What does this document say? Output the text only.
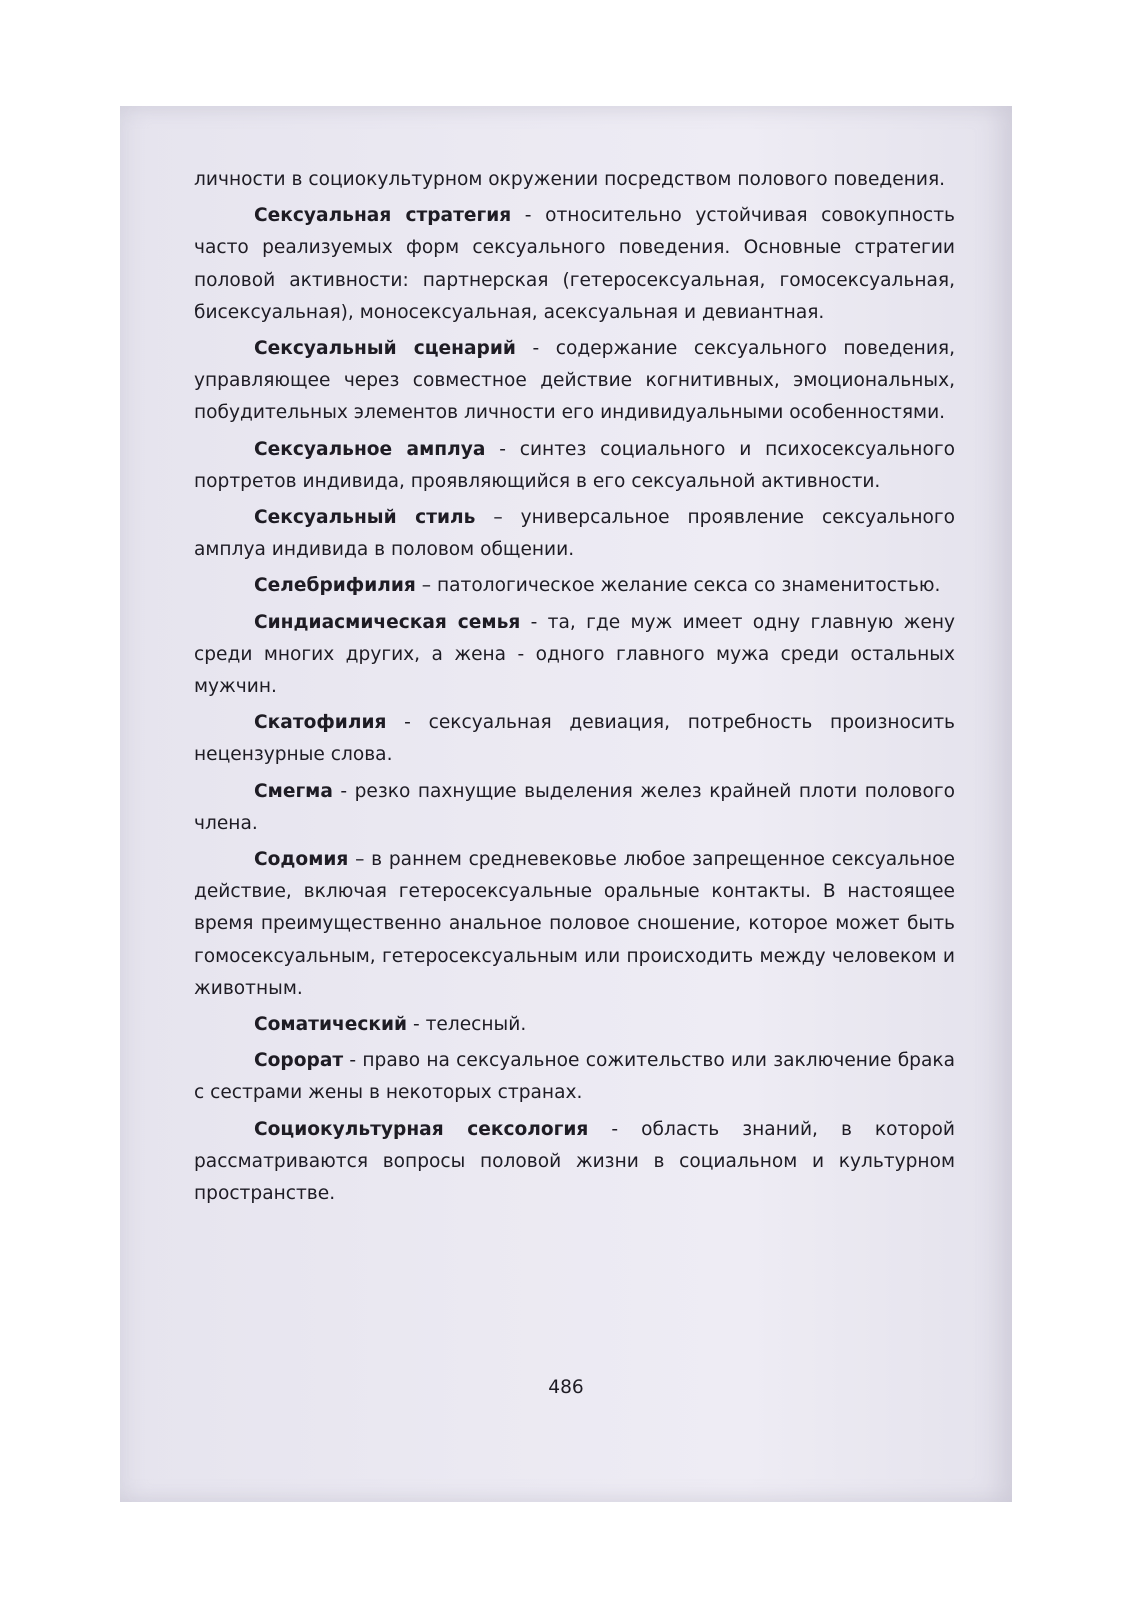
личности в социокультурном окружении посредством полового поведения.

Сексуальная стратегия - относительно устойчивая совокупность часто реализуемых форм сексуального поведения. Основные стратегии половой активности: партнерская (гетеросексуальная, гомосексуальная, бисексуальная), моносексуальная, асексуальная и девиантная.

Сексуальный сценарий - содержание сексуального поведения, управляющее через совместное действие когнитивных, эмоциональных, побудительных элементов личности его индивидуальными особенностями.

Сексуальное амплуа - синтез социального и психосексуального портретов индивида, проявляющийся в его сексуальной активности.

Сексуальный стиль – универсальное проявление сексуального амплуа индивида в половом общении.

Селебрифилия – патологическое желание секса со знаменитостью.

Синдиасмическая семья - та, где муж имеет одну главную жену среди многих других, а жена - одного главного мужа среди остальных мужчин.

Скатофилия - сексуальная девиация, потребность произносить нецензурные слова.

Смегма - резко пахнущие выделения желез крайней плоти полового члена.

Содомия – в раннем средневековье любое запрещенное сексуальное действие, включая гетеросексуальные оральные контакты. В настоящее время преимущественно анальное половое сношение, которое может быть гомосексуальным, гетеросексуальным или происходить между человеком и животным.

Соматический - телесный.

Сорорат - право на сексуальное сожительство или заключение брака с сестрами жены в некоторых странах.

Социокультурная сексология - область знаний, в которой рассматриваются вопросы половой жизни в социальном и культурном пространстве.

486
